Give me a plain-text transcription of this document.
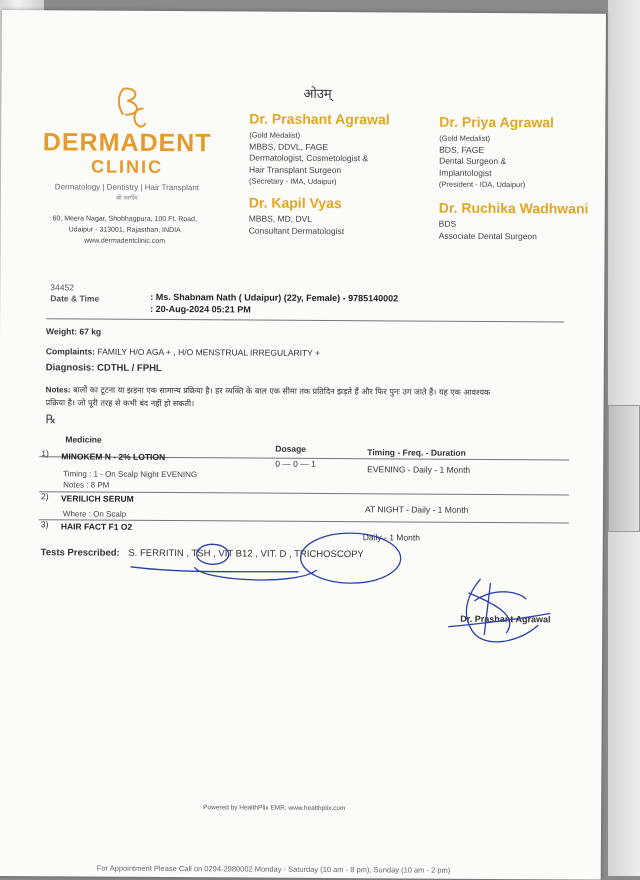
ओउम्
DERMADENT
CLINIC
Dermatology | Dentistry | Hair Transplant
श्री स्वर्गीय
60, Meera Nagar, Shobhagpura, 100 Ft. Road,
Udaipur - 313001, Rajasthan, INDIA
www.dermadentclinic.com
Dr. Prashant Agrawal
(Gold Medalist)
MBBS, DDVL, FAGE
Dermatologist, Cosmetologist &
Hair Transplant Surgeon
(Secretary - IMA, Udaipur)
Dr. Priya Agrawal
(Gold Medalist)
BDS, FAGE
Dental Surgeon &
Implantologist
(President - IDA, Udaipur)
Dr. Kapil Vyas
MBBS, MD, DVL
Consultant Dermatologist
Dr. Ruchika Wadhwani
BDS
Associate Dental Surgeon
34452
Date & Time	: Ms. Shabnam Nath ( Udaipur) (22y, Female) - 9785140002
: 20-Aug-2024 05:21 PM
Weight: 67 kg
Complaints: FAMILY H/O AGA + , H/O MENSTRUAL IRREGULARITY +
Diagnosis: CDTHL / FPHL
Notes: बालों का टूटना या झड़ना एक सामान्य प्रक्रिया है। हर व्यक्ति के बाल एक सीमा तक प्रतिदिन झड़ते हैं और फिर पुनः उग जाते हैं। यह एक आवश्यक
प्रक्रिया है। जो पूरी तरह से कभी बंद नहीं हो सकती।
℞
Medicine
Dosage	Timing - Freq. - Duration
1) MINOKEM N - 2% LOTION
0 — 0 — 1
EVENING - Daily - 1 Month
Timing : 1 - On Scalp Night EVENING
Notes : 8 PM
2) VERILICH SERUM
AT NIGHT - Daily - 1 Month
Where : On Scalp
3) HAIR FACT F1 O2
Daily - 1 Month
Tests Prescribed: S. FERRITIN , TSH , VIT B12 , VIT. D , TRICHOSCOPY
Dr. Prashant Agrawal
Powered by HealthPlix EMR. www.healthplix.com
For Appointment Please Call on 0294-2980002 Monday - Saturday (10 am - 8 pm), Sunday (10 am - 2 pm)
